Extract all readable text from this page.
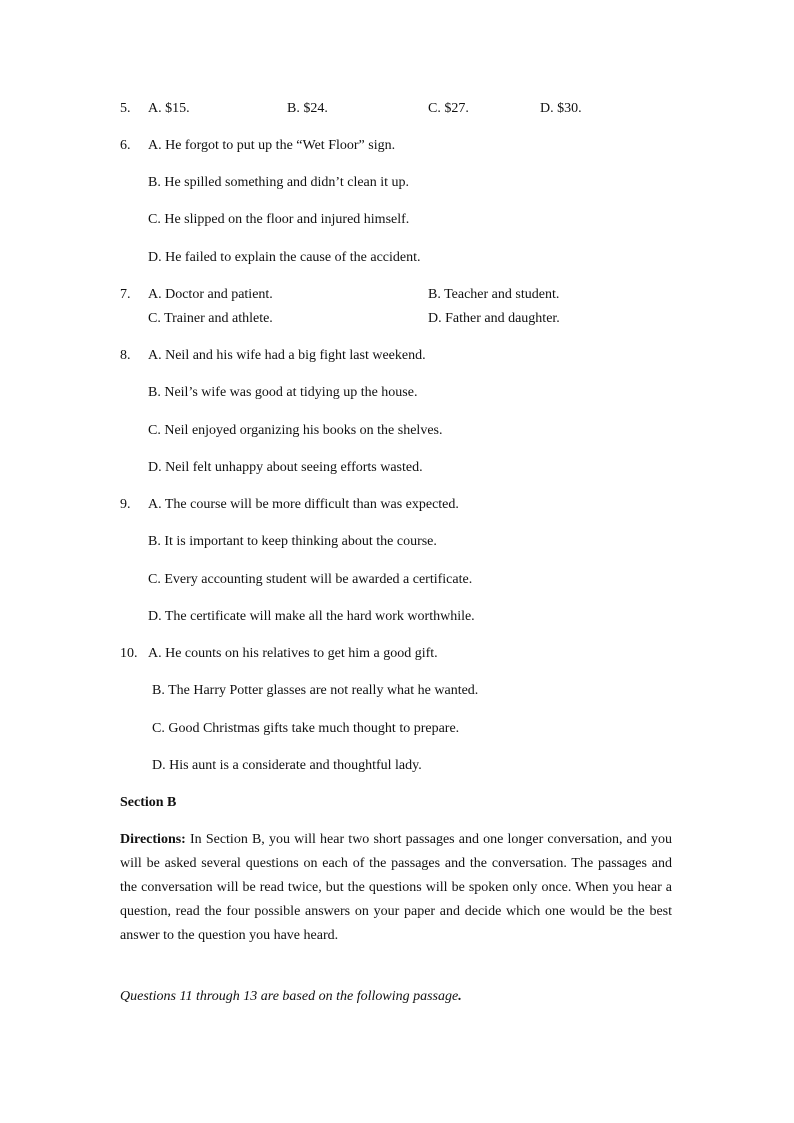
5. A. $15.	B. $24.	C. $27.	D. $30.
6. A. He forgot to put up the “Wet Floor” sign.
B. He spilled something and didn’t clean it up.
C. He slipped on the floor and injured himself.
D. He failed to explain the cause of the accident.
7. A. Doctor and patient.	B. Teacher and student.
C. Trainer and athlete.	D. Father and daughter.
8. A. Neil and his wife had a big fight last weekend.
B. Neil’s wife was good at tidying up the house.
C. Neil enjoyed organizing his books on the shelves.
D. Neil felt unhappy about seeing efforts wasted.
9. A. The course will be more difficult than was expected.
B. It is important to keep thinking about the course.
C. Every accounting student will be awarded a certificate.
D. The certificate will make all the hard work worthwhile.
10. A. He counts on his relatives to get him a good gift.
B. The Harry Potter glasses are not really what he wanted.
C. Good Christmas gifts take much thought to prepare.
D. His aunt is a considerate and thoughtful lady.
Section B
Directions: In Section B, you will hear two short passages and one longer conversation, and you will be asked several questions on each of the passages and the conversation. The passages and the conversation will be read twice, but the questions will be spoken only once. When you hear a question, read the four possible answers on your paper and decide which one would be the best answer to the question you have heard.
Questions 11 through 13 are based on the following passage.
